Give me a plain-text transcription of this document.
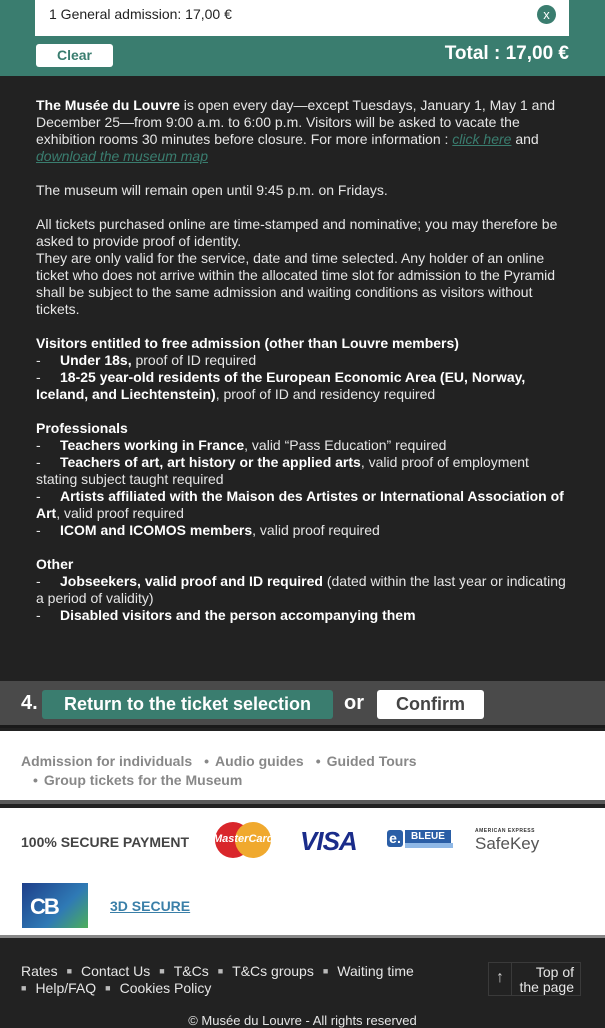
1 General admission: 17,00 €	x
Clear	Total : 17,00 €

The Musée du Louvre is open every day—except Tuesdays, January 1, May 1 and December 25—from 9:00 a.m. to 6:00 p.m. Visitors will be asked to vacate the exhibition rooms 30 minutes before closure. For more information : click here and
download the museum map

The museum will remain open until 9:45 p.m. on Fridays.

All tickets purchased online are time-stamped and nominative; you may therefore be asked to provide proof of identity.
They are only valid for the service, date and time selected. Any holder of an online ticket who does not arrive within the allocated time slot for admission to the Pyramid shall be subject to the same admission and waiting conditions as visitors without tickets.

Visitors entitled to free admission (other than Louvre members)
- Under 18s, proof of ID required
- 18-25 year-old residents of the European Economic Area (EU, Norway, Iceland, and Liechtenstein), proof of ID and residency required

Professionals
- Teachers working in France, valid “Pass Education” required
- Teachers of art, art history or the applied arts, valid proof of employment stating subject taught required
- Artists affiliated with the Maison des Artistes or International Association of Art, valid proof required
- ICOM and ICOMOS members, valid proof required

Other
- Jobseekers, valid proof and ID required (dated within the last year or indicating a period of validity)
- Disabled visitors and the person accompanying them

4.	Return to the ticket selection	or	Confirm
Admission for individuals • Audio guides • Guided Tours
• Group tickets for the Museum
100% SECURE PAYMENT MasterCard VISA e.	BLEUE	AMERICAN EXPRESS
SafeKey
CB	3D SECURE
Rates ■ Contact Us ■ T&Cs ■ T&Cs groups ■ Waiting time
■ Help/FAQ ■ Cookies Policy
↑	Top of
the page
© Musée du Louvre - All rights reserved
